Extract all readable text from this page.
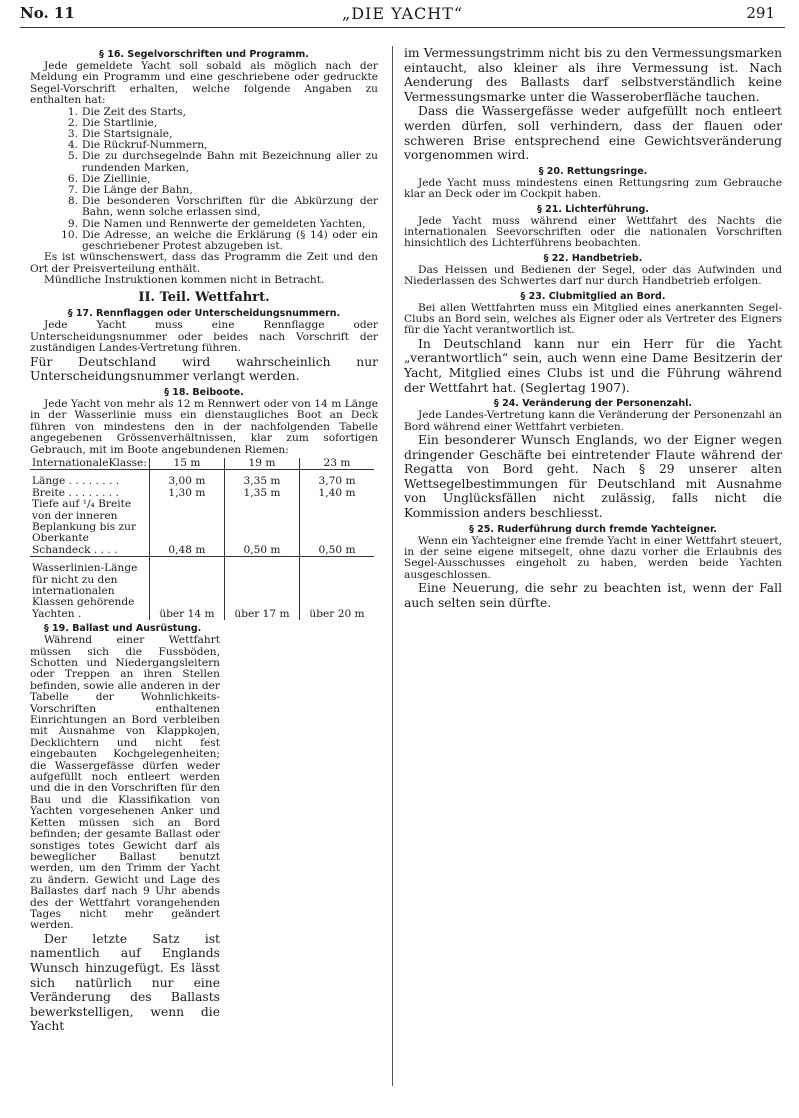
No. 11	„DIE YACHT“	291
§ 16. Segelvorschriften und Programm.

Jede gemeldete Yacht soll sobald als möglich nach der Meldung ein Programm und eine geschriebene oder gedruckte Segel-Vorschrift erhalten, welche folgende Angaben zu enthalten hat:

1. Die Zeit des Starts,
2. Die Startlinie,
3. Die Startsignale,
4. Die Rückruf-Nummern,
5. Die zu durchsegelnde Bahn mit Bezeichnung aller zu rundenden Marken,
6. Die Ziellinie,
7. Die Länge der Bahn,
8. Die besonderen Vorschriften für die Abkürzung der Bahn, wenn solche erlassen sind,
9. Die Namen und Rennwerte der gemeldeten Yachten,
10. Die Adresse, an welche die Erklärung (§ 14) oder ein geschriebener Protest abzugeben ist.

Es ist wünschenswert, dass das Programm die Zeit und den Ort der Preisverteilung enthält.

Mündliche Instruktionen kommen nicht in Betracht.

II. Teil. Wettfahrt.
§ 17. Rennflaggen oder Unterscheidungsnummern.

Jede Yacht muss eine Rennflagge oder Unterscheidungsnummer oder beides nach Vorschrift der zuständigen Landes-Vertretung führen.

Für Deutschland wird wahrscheinlich nur Unterscheidungsnummer verlangt werden.

§ 18. Beiboote.

Jede Yacht von mehr als 12 m Rennwert oder von 14 m Länge in der Wasserlinie muss ein dienstaugliches Boot an Deck führen von mindestens den in der nachfolgenden Tabelle angegebenen Grössenverhältnissen, klar zum sofortigen Gebrauch, mit im Boote angebundenen Riemen:

InternationaleKlasse:	15 m	19 m	23 m

Länge . . . . . . . .	3,00 m	3,35 m	3,70 m
Breite . . . . . . . .	1,30 m	1,35 m	1,40 m
Tiefe auf ¹/₄ Breite von der inneren Beplankung bis zur Oberkante Schandeck . . . .	0,48 m	0,50 m	0,50 m

Wasserlinien-Länge für nicht zu den internationalen Klassen gehörende Yachten .	über 14 m	über 17 m	über 20 m
§ 19. Ballast und Ausrüstung.

Während einer Wettfahrt müssen sich die Fussböden, Schotten und Niedergangsleitern oder Treppen an ihren Stellen befinden, sowie alle anderen in der Tabelle der Wohnlichkeits-Vorschriften enthaltenen Einrichtungen an Bord verbleiben mit Ausnahme von Klappkojen, Decklichtern und nicht fest eingebauten Kochgelegenheiten; die Wassergefässe dürfen weder aufgefüllt noch entleert werden und die in den Vorschriften für den Bau und die Klassifikation von Yachten vorgesehenen Anker und Ketten müssen sich an Bord befinden; der gesamte Ballast oder sonstiges totes Gewicht darf als beweglicher Ballast benutzt werden, um den Trimm der Yacht zu ändern. Gewicht und Lage des Ballastes darf nach 9 Uhr abends des der Wettfahrt vorangehenden Tages nicht mehr geändert werden.

Der letzte Satz ist namentlich auf Englands Wunsch hinzugefügt. Es lässt sich natürlich nur eine Veränderung des Ballasts bewerkstelligen, wenn die Yacht

im Vermessungstrimm nicht bis zu den Vermessungsmarken eintaucht, also kleiner als ihre Vermessung ist. Nach Aenderung des Ballasts darf selbstverständlich keine Vermessungsmarke unter die Wasseroberfläche tauchen.

Dass die Wassergefässe weder aufgefüllt noch entleert werden dürfen, soll verhindern, dass der flauen oder schweren Brise entsprechend eine Gewichtsveränderung vorgenommen wird.

§ 20. Rettungsringe.

Jede Yacht muss mindestens einen Rettungsring zum Gebrauche klar an Deck oder im Cockpit haben.

§ 21. Lichterführung.

Jede Yacht muss während einer Wettfahrt des Nachts die internationalen Seevorschriften oder die nationalen Vorschriften hinsichtlich des Lichterführens beobachten.

§ 22. Handbetrieb.

Das Heissen und Bedienen der Segel, oder das Aufwinden und Niederlassen des Schwertes darf nur durch Handbetrieb erfolgen.

§ 23. Clubmitglied an Bord.

Bei allen Wettfahrten muss ein Mitglied eines anerkannten Segel-Clubs an Bord sein, welches als Eigner oder als Vertreter des Eigners für die Yacht verantwortlich ist.

In Deutschland kann nur ein Herr für die Yacht „verantwortlich“ sein, auch wenn eine Dame Besitzerin der Yacht, Mitglied eines Clubs ist und die Führung während der Wettfahrt hat. (Seglertag 1907).

§ 24. Veränderung der Personenzahl.

Jede Landes-Vertretung kann die Veränderung der Personenzahl an Bord während einer Wettfahrt verbieten.

Ein besonderer Wunsch Englands, wo der Eigner wegen dringender Geschäfte bei eintretender Flaute während der Regatta von Bord geht. Nach § 29 unserer alten Wettsegelbestimmungen für Deutschland mit Ausnahme von Unglücksfällen nicht zulässig, falls nicht die Kommission anders beschliesst.

§ 25. Ruderführung durch fremde Yachteigner.

Wenn ein Yachteigner eine fremde Yacht in einer Wettfahrt steuert, in der seine eigene mitsegelt, ohne dazu vorher die Erlaubnis des Segel-Ausschusses eingeholt zu haben, werden beide Yachten ausgeschlossen.

Eine Neuerung, die sehr zu beachten ist, wenn der Fall auch selten sein dürfte.
